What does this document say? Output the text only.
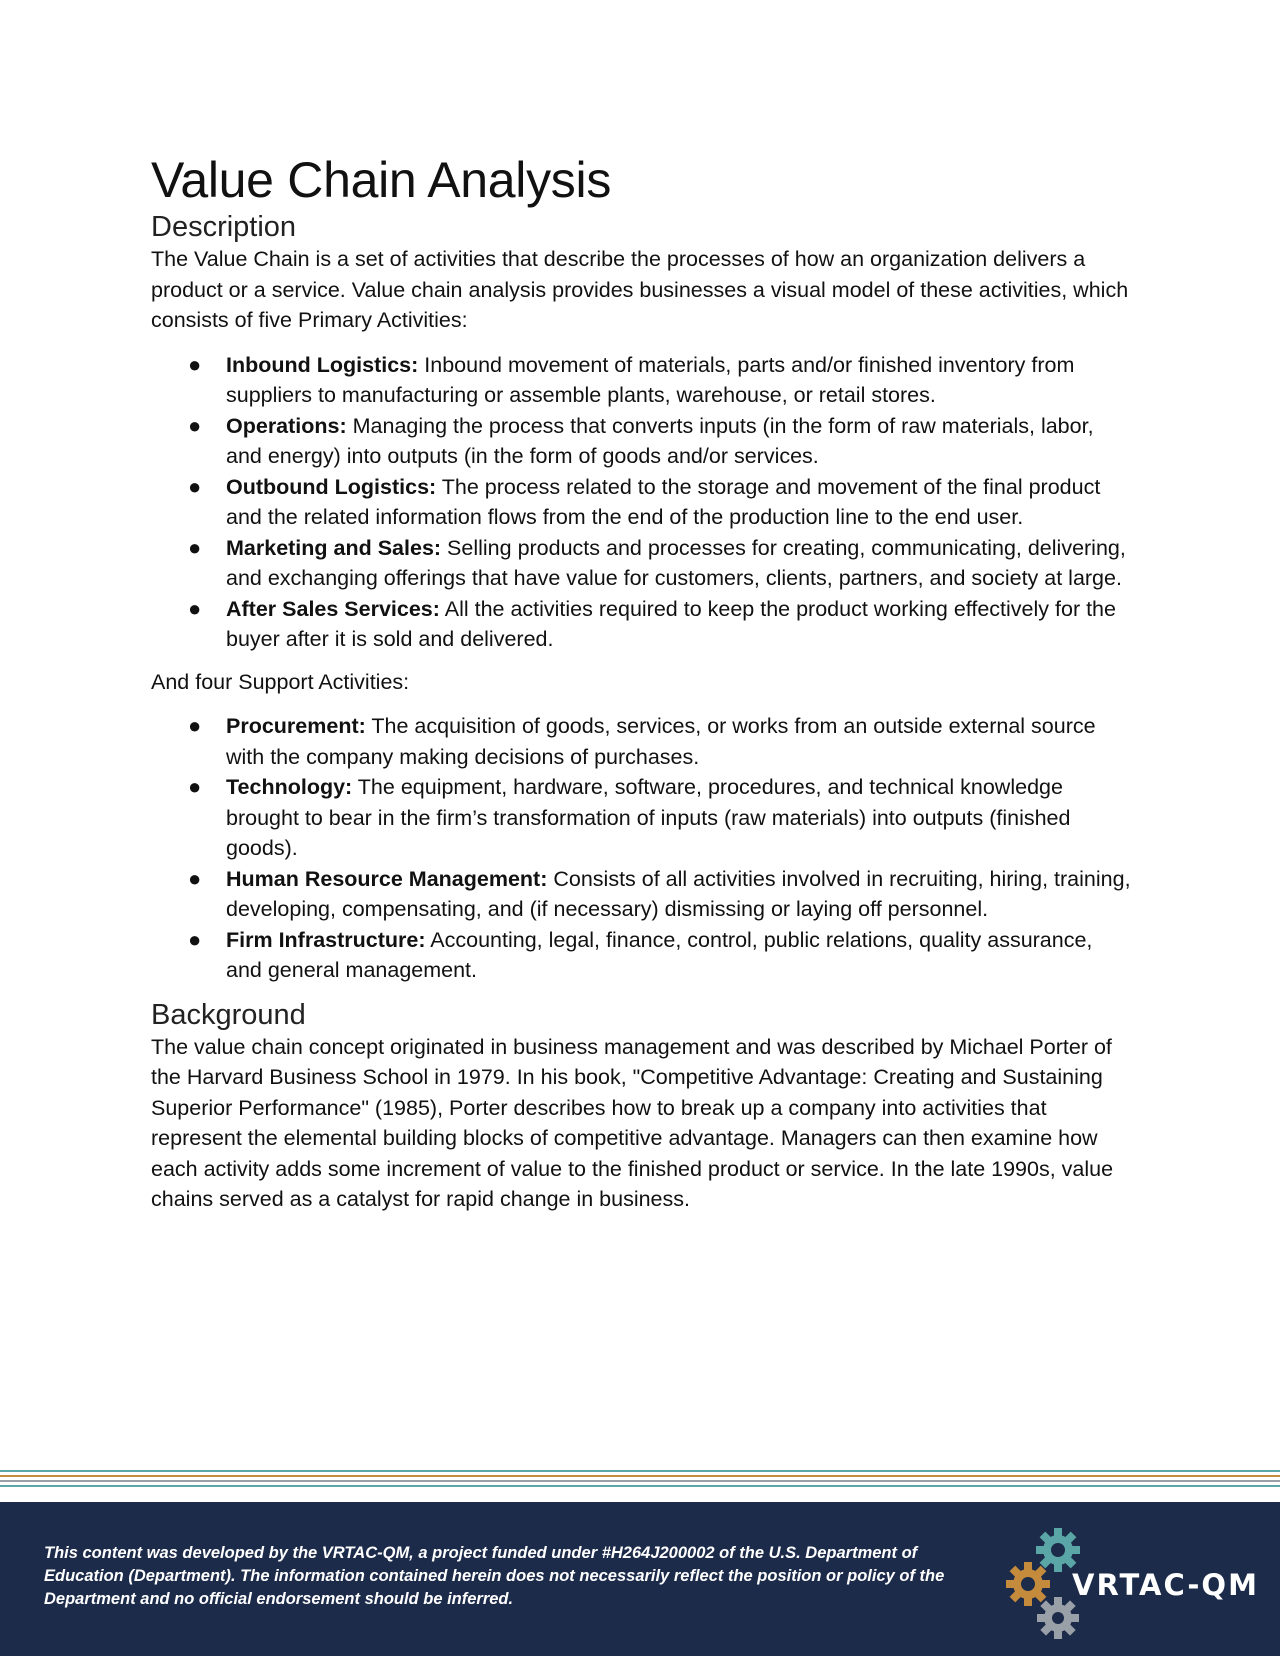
Value Chain Analysis
Description

The Value Chain is a set of activities that describe the processes of how an organization delivers a product or a service. Value chain analysis provides businesses a visual model of these activities, which consists of five Primary Activities:

● Inbound Logistics: Inbound movement of materials, parts and/or finished inventory from suppliers to manufacturing or assemble plants, warehouse, or retail stores.
● Operations: Managing the process that converts inputs (in the form of raw materials, labor, and energy) into outputs (in the form of goods and/or services.
● Outbound Logistics: The process related to the storage and movement of the final product and the related information flows from the end of the production line to the end user.
● Marketing and Sales: Selling products and processes for creating, communicating, delivering, and exchanging offerings that have value for customers, clients, partners, and society at large.
● After Sales Services: All the activities required to keep the product working effectively for the buyer after it is sold and delivered.

And four Support Activities:

● Procurement: The acquisition of goods, services, or works from an outside external source with the company making decisions of purchases.
● Technology: The equipment, hardware, software, procedures, and technical knowledge brought to bear in the firm’s transformation of inputs (raw materials) into outputs (finished goods).
● Human Resource Management: Consists of all activities involved in recruiting, hiring, training, developing, compensating, and (if necessary) dismissing or laying off personnel.
● Firm Infrastructure: Accounting, legal, finance, control, public relations, quality assurance, and general management.
Background

The value chain concept originated in business management and was described by Michael Porter of the Harvard Business School in 1979. In his book, "Competitive Advantage: Creating and Sustaining Superior Performance" (1985), Porter describes how to break up a company into activities that represent the elemental building blocks of competitive advantage. Managers can then examine how each activity adds some increment of value to the finished product or service. In the late 1990s, value chains served as a catalyst for rapid change in business.

This content was developed by the VRTAC-QM, a project funded under #H264J200002 of the U.S. Department of Education (Department). The information contained herein does not necessarily reflect the position or policy of the Department and no official endorsement should be inferred.	VRTAC-QM
